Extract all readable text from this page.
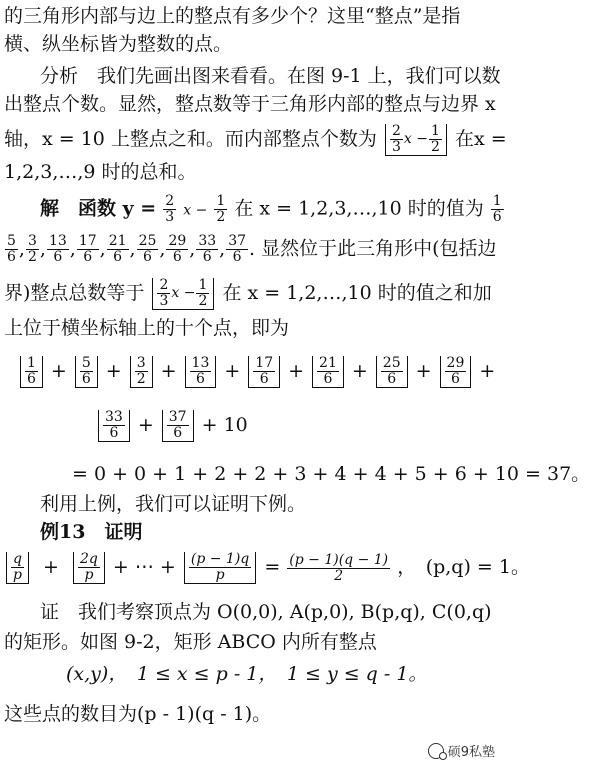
的三角形内部与边上的整点有多少个？这里“整点”是指
横、纵坐标皆为整数的点。
分析　我们先画出图来看看。在图 9-1 上，我们可以数
出整点个数。显然，整点数等于三角形内部的整点与边界 x
轴，x = 10 上整点之和。而内部整点个数为 $\frac{2}{3}$ $x - \frac{1}{2}$ 在x =
1,2,3,…,9 时的总和。
解　函数 $y = \frac{2}{3}$ $x - \frac{1}{2}$ 在 x = 1,2,3,…,10 时的值为 $\frac{1}{6}$
$\frac{5}{6}$ , $\frac{3}{2}$ , $\frac{13}{6}$ , $\frac{17}{6}$ , $\frac{21}{6}$ , $\frac{25}{6}$ , $\frac{29}{6}$ , $\frac{33}{6}$ , $\frac{37}{6}$ . 显然位于此三角形中(包括边
界)整点总数等于 $\frac{2}{3}$ $x - \frac{1}{2}$ 在 x = 1,2,…,10 时的值之和加
上位于横坐标轴上的十个点，即为
$\frac{1}{6} + \frac{5}{6} + \frac{3}{2} + \frac{13}{6} + \frac{17}{6} + \frac{21}{6} + \frac{25}{6} + \frac{29}{6}$ +
$\frac{33}{6} + \frac{37}{6} + 10$
= 0 + 0 + 1 + 2 + 2 + 3 + 4 + 4 + 5 + 6 + 10 = 37。
利用上例，我们可以证明下例。
例13　证明
$\frac{q}{p} + \frac{2q}{p}$ + ⋯ + $\frac{(p - 1)q}{p} = \frac{(p - 1)(q - 1)}{2}$ ，　(p,q) = 1。
证　我们考察顶点为 O(0,0), A(p,0), B(p,q), C(0,q)
的矩形。如图 9-2，矩形 ABCO 内所有整点
(x,y)，　1 ≤ x ≤ p - 1，　1 ≤ y ≤ q - 1。
这些点的数目为(p - 1)(q - 1)。
硕9私塾
